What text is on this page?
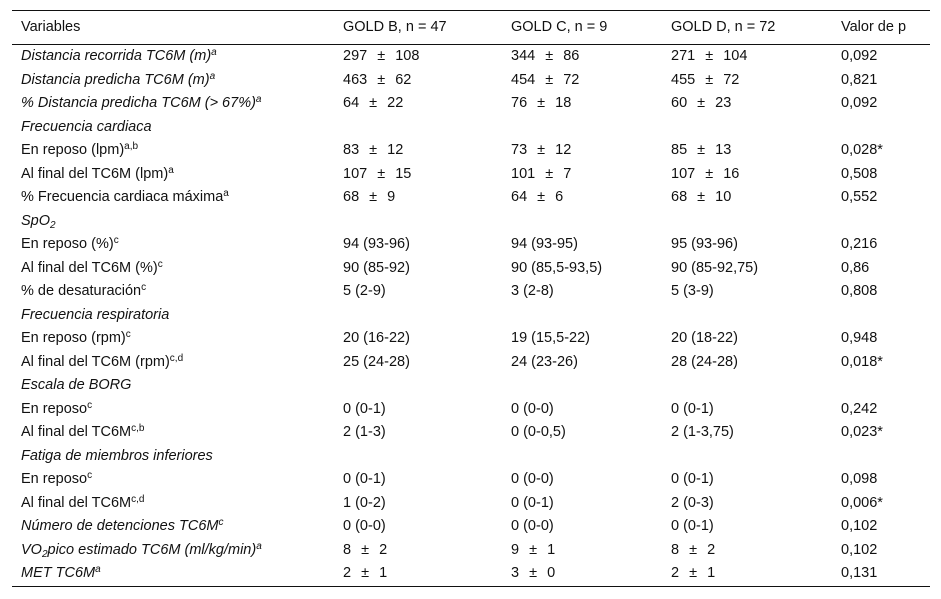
Variables	GOLD B, n = 47	GOLD C, n = 9	GOLD D, n = 72	Valor de p
Distancia recorrida TC6M $(m)^a$	297 ± 108	344 ± 86	271 ± 104	0,092
Distancia predicha TC6M $(m)^a$	463 ± 62	454 ± 72	455 ± 72	0,821
% Distancia predicha TC6M (> 67%)$^a$	64 ± 22	76 ± 18	60 ± 23	0,092
Frecuencia cardiaca				
En reposo (lpm)$^{a,b}$	83 ± 12	73 ± 12	85 ± 13	0,028*
Al final del TC6M (lpm)$^a$	107 ± 15	101 ± 7	107 ± 16	0,508
% Frecuencia cardiaca máxima$^a$	68 ± 9	64 ± 6	68 ± 10	0,552
SpO$_2$				
En reposo (%)$^c$	94 (93-96)	94 (93-95)	95 (93-96)	0,216
Al final del TC6M (%)$^c$	90 (85-92)	90 (85,5-93,5)	90 (85-92,75)	0,86
% de desaturación$^c$	5 (2-9)	3 (2-8)	5 (3-9)	0,808
Frecuencia respiratoria				
En reposo (rpm)$^c$	20 (16-22)	19 (15,5-22)	20 (18-22)	0,948
Al final del TC6M (rpm)$^{c,d}$	25 (24-28)	24 (23-26)	28 (24-28)	0,018*
Escala de BORG				
En reposo$^c$	0 (0-1)	0 (0-0)	0 (0-1)	0,242
Al final del $TC6M^{c,b}$	2 (1-3)	0 (0-0,5)	2 (1-3,75)	0,023*
Fatiga de miembros inferiores				
En reposo$^c$	0 (0-1)	0 (0-0)	0 (0-1)	0,098
Al final del $TC6M^{c,d}$	1 (0-2)	0 (0-1)	2 (0-3)	0,006*
Número de detenciones $TC6M^c$	0 (0-0)	0 (0-0)	0 (0-1)	0,102
$VO_2pico$ estimado TC6M $(ml/kg/\min)^a$	8 ± 2	9 ± 1	8 ± 2	0,102
MET $TC6M^a$	2 ± 1	3 ± 0	2 ± 1	0,131
